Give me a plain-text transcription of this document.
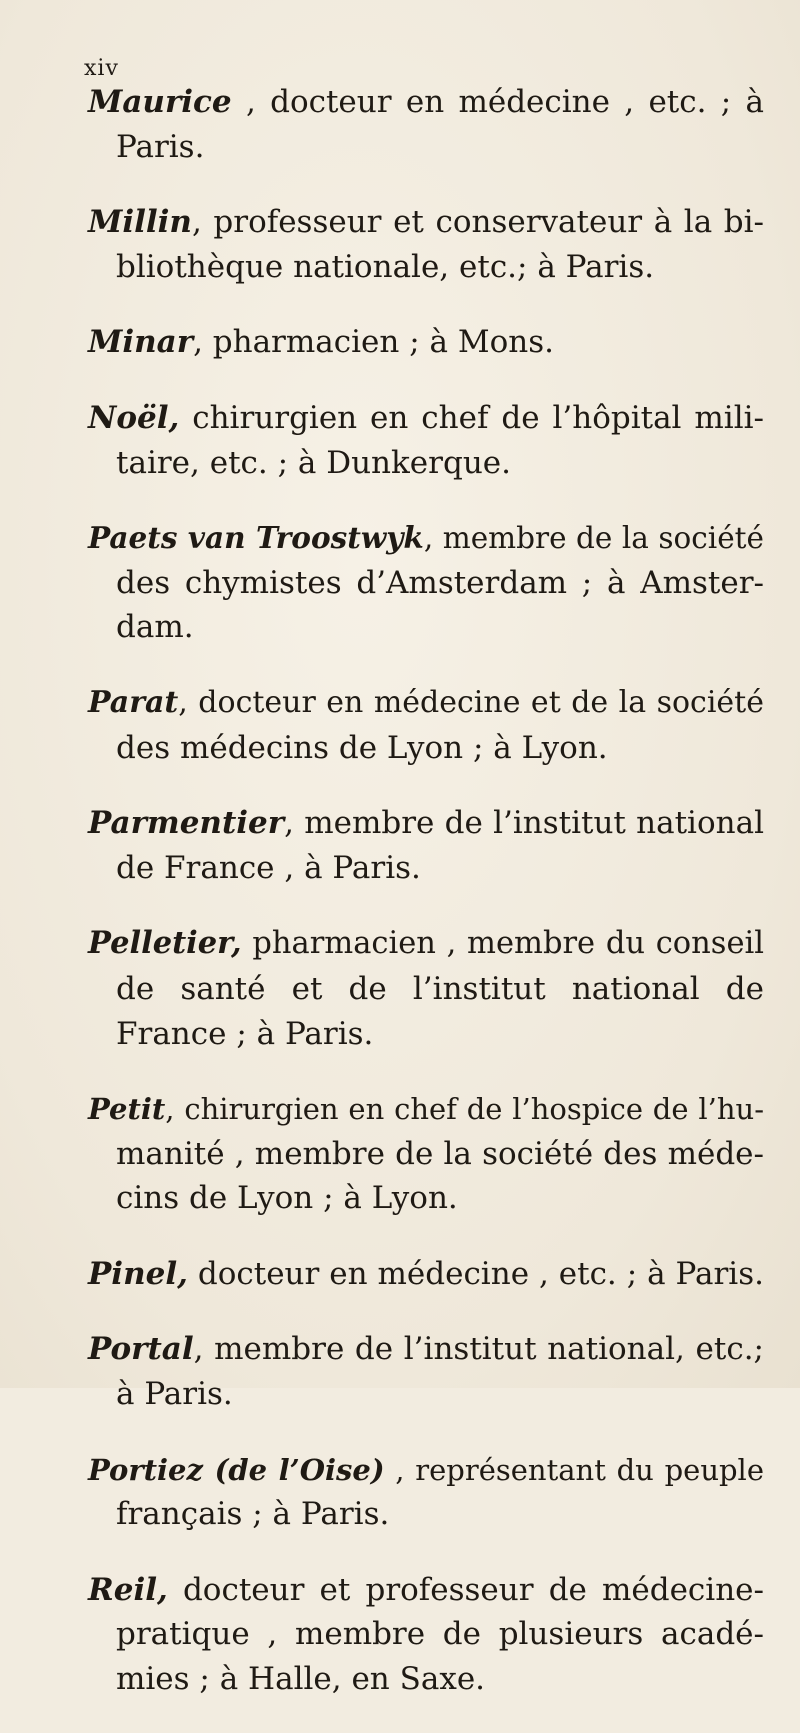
xiv

Maurice , docteur en médecine , etc. ; à
Paris.

Millin, professeur et conservateur à la bi-
bliothèque nationale, etc.; à Paris.

Minar, pharmacien ; à Mons.

Noël, chirurgien en chef de l’hôpital mili-
taire, etc. ; à Dunkerque.

Paets van Troostwyk, membre de la société
des chymistes d’Amsterdam ; à Amster-
dam.

Parat, docteur en médecine et de la société
des médecins de Lyon ; à Lyon.

Parmentier, membre de l’institut national
de France , à Paris.

Pelletier, pharmacien , membre du conseil
de santé et de l’institut national de
France ; à Paris.

Petit, chirurgien en chef de l’hospice de l’hu-
manité , membre de la société des méde-
cins de Lyon ; à Lyon.

Pinel, docteur en médecine , etc. ; à Paris.

Portal, membre de l’institut national, etc.;
à Paris.

Portiez (de l’Oise) , représentant du peuple
français ; à Paris.

Reil, docteur et professeur de médecine-
pratique , membre de plusieurs acadé-
mies ; à Halle, en Saxe.
